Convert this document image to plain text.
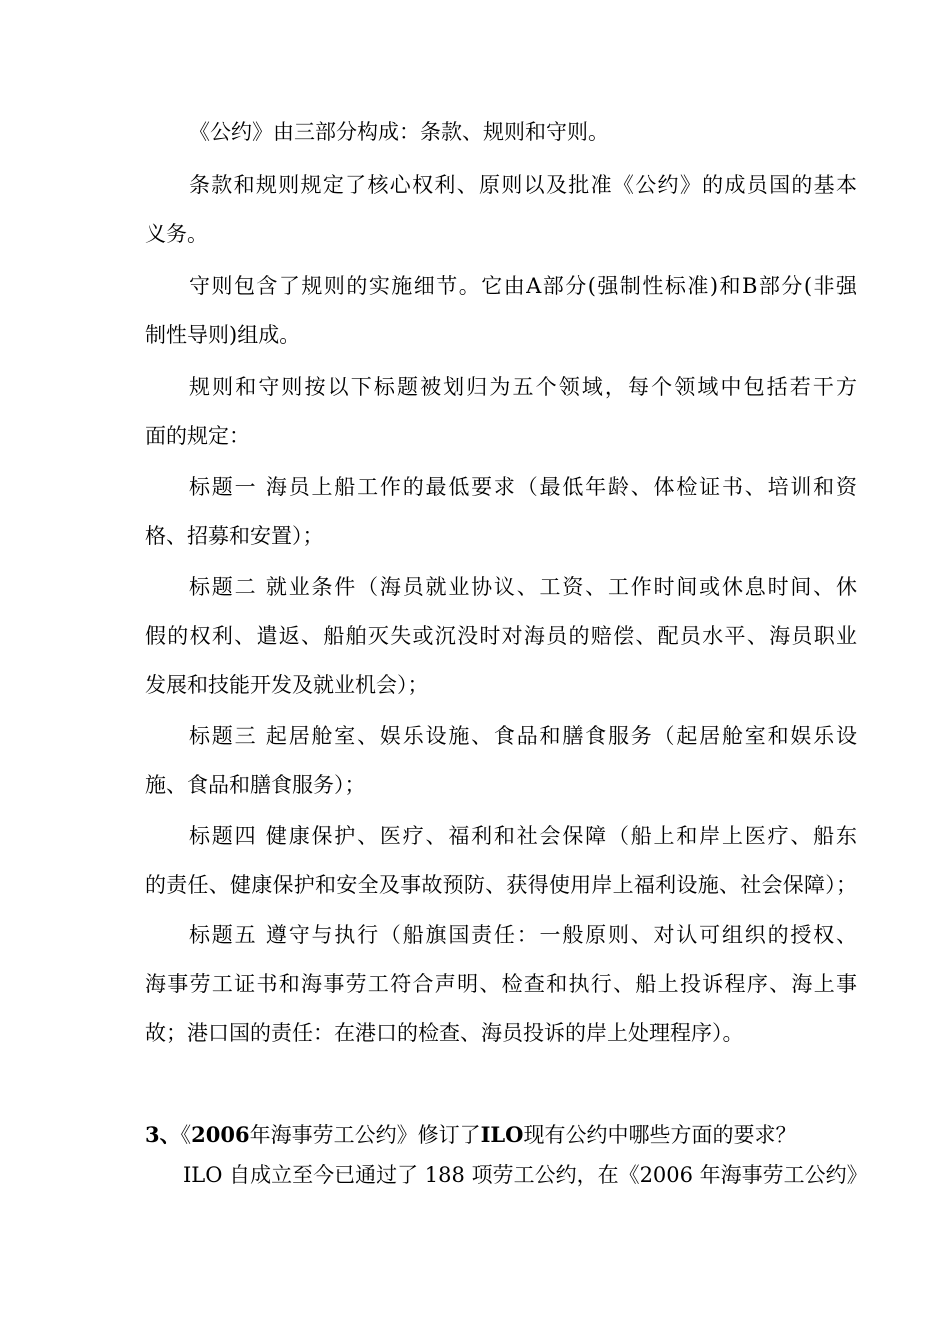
《公约》由三部分构成：条款、规则和守则。
条款和规则规定了核心权利、原则以及批准《公约》的成员国的基本
义务。
守则包含了规则的实施细节。它由A部分(强制性标准)和B部分(非强
制性导则)组成。
规则和守则按以下标题被划归为五个领域，每个领域中包括若干方
面的规定：
标题一 海员上船工作的最低要求（最低年龄、体检证书、培训和资
格、招募和安置）；
标题二 就业条件（海员就业协议、工资、工作时间或休息时间、休
假的权利、遣返、船舶灭失或沉没时对海员的赔偿、配员水平、海员职业
发展和技能开发及就业机会）；
标题三 起居舱室、娱乐设施、食品和膳食服务（起居舱室和娱乐设
施、食品和膳食服务）；
标题四 健康保护、医疗、福利和社会保障（船上和岸上医疗、船东
的责任、健康保护和安全及事故预防、获得使用岸上福利设施、社会保障）；
标题五 遵守与执行（船旗国责任：一般原则、对认可组织的授权、
海事劳工证书和海事劳工符合声明、检查和执行、船上投诉程序、海上事
故；港口国的责任：在港口的检查、海员投诉的岸上处理程序）。
3、《2006年海事劳工公约》修订了ILO现有公约中哪些方面的要求？
ILO 自成立至今已通过了 188 项劳工公约，在《2006 年海事劳工公约》
